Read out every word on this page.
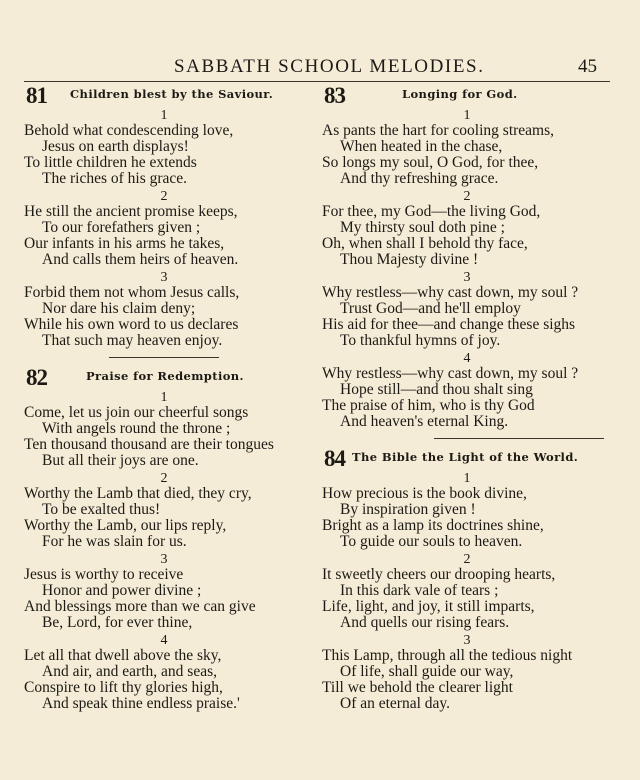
SABBATH SCHOOL MELODIES.	45
81 Children blest by the Saviour.
1
Behold what condescending love,
Jesus on earth displays!
To little children he extends
The riches of his grace.
2
He still the ancient promise keeps,
To our forefathers given ;
Our infants in his arms he takes,
And calls them heirs of heaven.
3
Forbid them not whom Jesus calls,
Nor dare his claim deny;
While his own word to us declares
That such may heaven enjoy.
82	Praise for Redemption.
1
Come, let us join our cheerful songs
With angels round the throne ;
Ten thousand thousand are their tongues
But all their joys are one.
2
Worthy the Lamb that died, they cry,
To be exalted thus!
Worthy the Lamb, our lips reply,
For he was slain for us.
3
Jesus is worthy to receive
Honor and power divine ;
And blessings more than we can give
Be, Lord, for ever thine,
4
Let all that dwell above the sky,
And air, and earth, and seas,
Conspire to lift thy glories high,
And speak thine endless praise.'
83	Longing for God.
1
As pants the hart for cooling streams,
When heated in the chase,
So longs my soul, O God, for thee,
And thy refreshing grace.
2
For thee, my God—the living God,
My thirsty soul doth pine ;
Oh, when shall I behold thy face,
Thou Majesty divine !
3
Why restless—why cast down, my soul ?
Trust God—and he'll employ
His aid for thee—and change these sighs
To thankful hymns of joy.
4
Why restless—why cast down, my soul ?
Hope still—and thou shalt sing
The praise of him, who is thy God
And heaven's eternal King.
84 The Bible the Light of the World.
1
How precious is the book divine,
By inspiration given !
Bright as a lamp its doctrines shine,
To guide our souls to heaven.
2
It sweetly cheers our drooping hearts,
In this dark vale of tears ;
Life, light, and joy, it still imparts,
And quells our rising fears.
3
This Lamp, through all the tedious night
Of life, shall guide our way,
Till we behold the clearer light
Of an eternal day.
